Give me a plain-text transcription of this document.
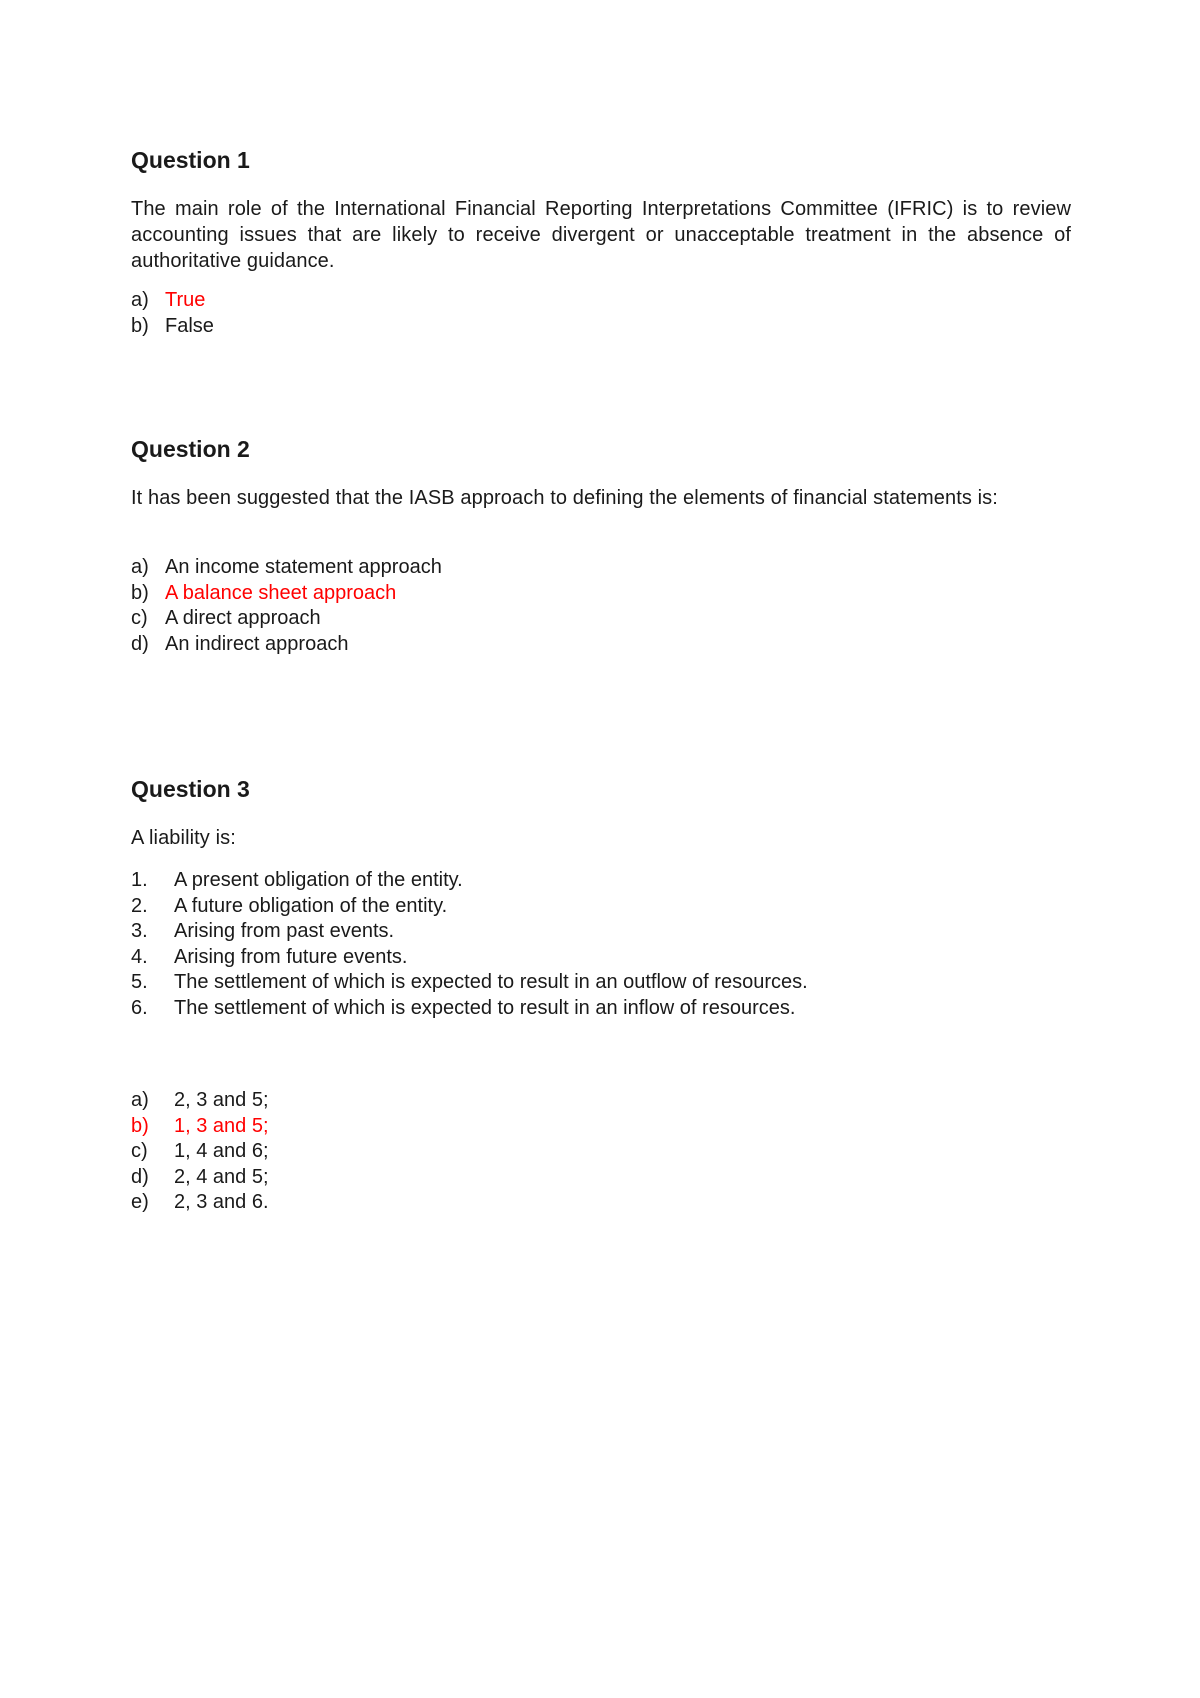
Question 1

The main role of the International Financial Reporting Interpretations Committee (IFRIC) is to review accounting issues that are likely to receive divergent or unacceptable treatment in the absence of authoritative guidance.

a) True
b) False
Question 2

It has been suggested that the IASB approach to defining the elements of financial statements is:

a) An income statement approach
b) A balance sheet approach
c) A direct approach
d) An indirect approach
Question 3

A liability is:

1.	A present obligation of the entity.
2.	A future obligation of the entity.
3.	Arising from past events.
4.	Arising from future events.
5.	The settlement of which is expected to result in an outflow of resources.
6.	The settlement of which is expected to result in an inflow of resources.
a)	2, 3 and 5;
b)	1, 3 and 5;
c)	1, 4 and 6;
d)	2, 4 and 5;
e)	2, 3 and 6.
